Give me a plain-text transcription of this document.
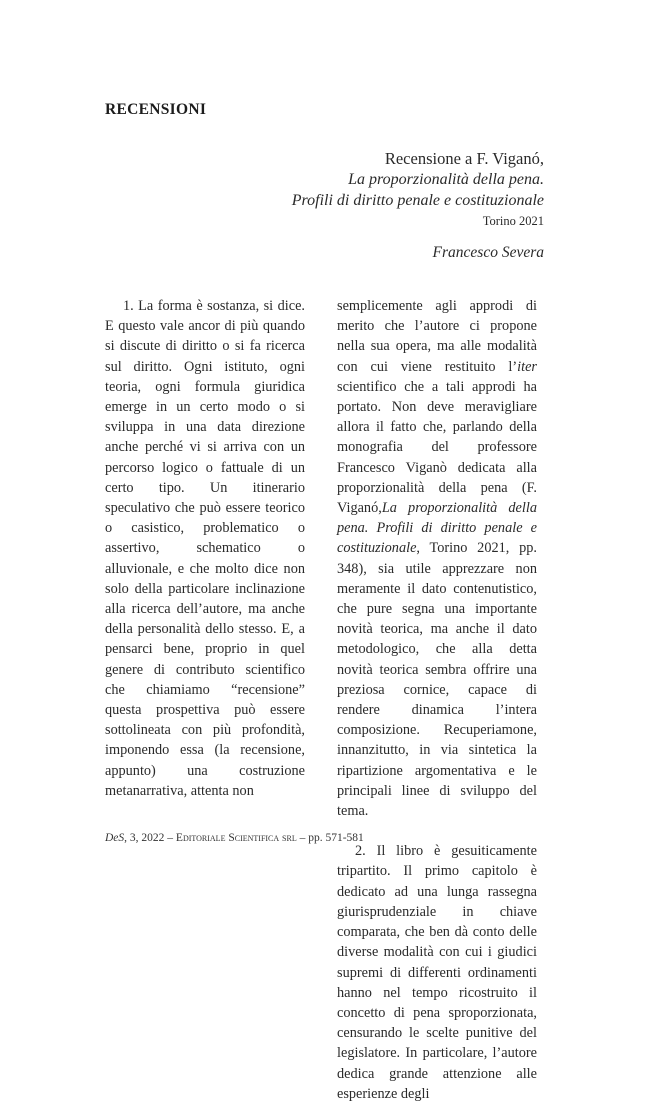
RECENSIONI
Recensione a F. Viganó,
La proporzionalità della pena.
Profili di diritto penale e costituzionale
Torino 2021
Francesco Severa

1. La forma è sostanza, si dice. E questo vale ancor di più quando si discute di diritto o si fa ricerca sul diritto. Ogni istituto, ogni teoria, ogni formula giuridica emerge in un certo modo o si sviluppa in una data direzione anche perché vi si arriva con un percorso logico o fattuale di un certo tipo. Un itinerario speculativo che può essere teorico o casistico, problematico o assertivo, schematico o alluvionale, e che molto dice non solo della particolare inclinazione alla ricerca dell’autore, ma anche della personalità dello stesso. E, a pensarci bene, proprio in quel genere di contributo scientifico che chiamiamo “recensione” questa prospettiva può essere sottolineata con più profondità, imponendo essa (la recensione, appunto) una costruzione metanarrativa, attenta non

semplicemente agli approdi di merito che l’autore ci propone nella sua opera, ma alle modalità con cui viene restituito l’iter scientifico che a tali approdi ha portato. Non deve meravigliare allora il fatto che, parlando della monografia del professore Francesco Viganò dedicata alla proporzionalità della pena (F. Viganó,La proporzionalità della pena. Profili di diritto penale e costituzionale, Torino 2021, pp. 348), sia utile apprezzare non meramente il dato contenutistico, che pure segna una importante novità teorica, ma anche il dato metodologico, che alla detta novità teorica sembra offrire una preziosa cornice, capace di rendere dinamica l’intera composizione. Recuperiamone, innanzitutto, in via sintetica la ripartizione argomentativa e le principali linee di sviluppo del tema.

2. Il libro è gesuiticamente tripartito. Il primo capitolo è dedicato ad una lunga rassegna giurisprudenziale in chiave comparata, che ben dà conto delle diverse modalità con cui i giudici supremi di differenti ordinamenti hanno nel tempo ricostruito il concetto di pena sproporzionata, censurando le scelte punitive del legislatore. In particolare, l’autore dedica grande attenzione alle esperienze degli

DeS, 3, 2022 – Editoriale Scientifica srl – pp. 571-581
